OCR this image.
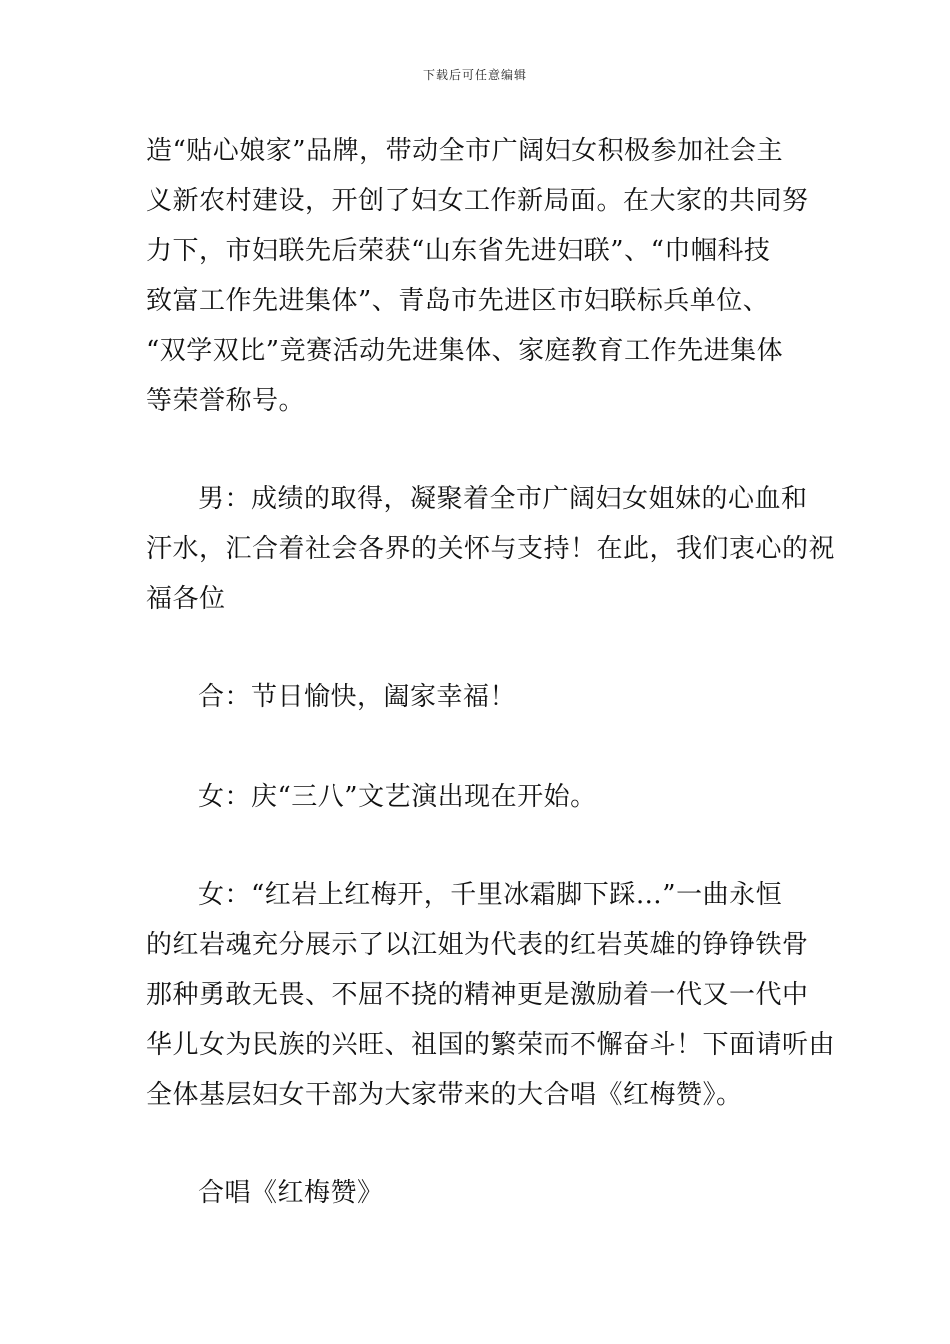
下载后可任意编辑
造“贴心娘家”品牌，带动全市广阔妇女积极参加社会主
义新农村建设，开创了妇女工作新局面。在大家的共同努
力下，市妇联先后荣获“山东省先进妇联”、“巾帼科技
致富工作先进集体”、青岛市先进区市妇联标兵单位、
“双学双比”竞赛活动先进集体、家庭教育工作先进集体
等荣誉称号。
男：成绩的取得，凝聚着全市广阔妇女姐妹的心血和
汗水，汇合着社会各界的关怀与支持！在此，我们衷心的祝
福各位
合：节日愉快，阖家幸福！
女：庆“三八”文艺演出现在开始。
女：“红岩上红梅开，千里冰霜脚下踩…”一曲永恒
的红岩魂充分展示了以江姐为代表的红岩英雄的铮铮铁骨
那种勇敢无畏、不屈不挠的精神更是激励着一代又一代中
华儿女为民族的兴旺、祖国的繁荣而不懈奋斗！下面请听由
全体基层妇女干部为大家带来的大合唱《红梅赞》。
合唱《红梅赞》
